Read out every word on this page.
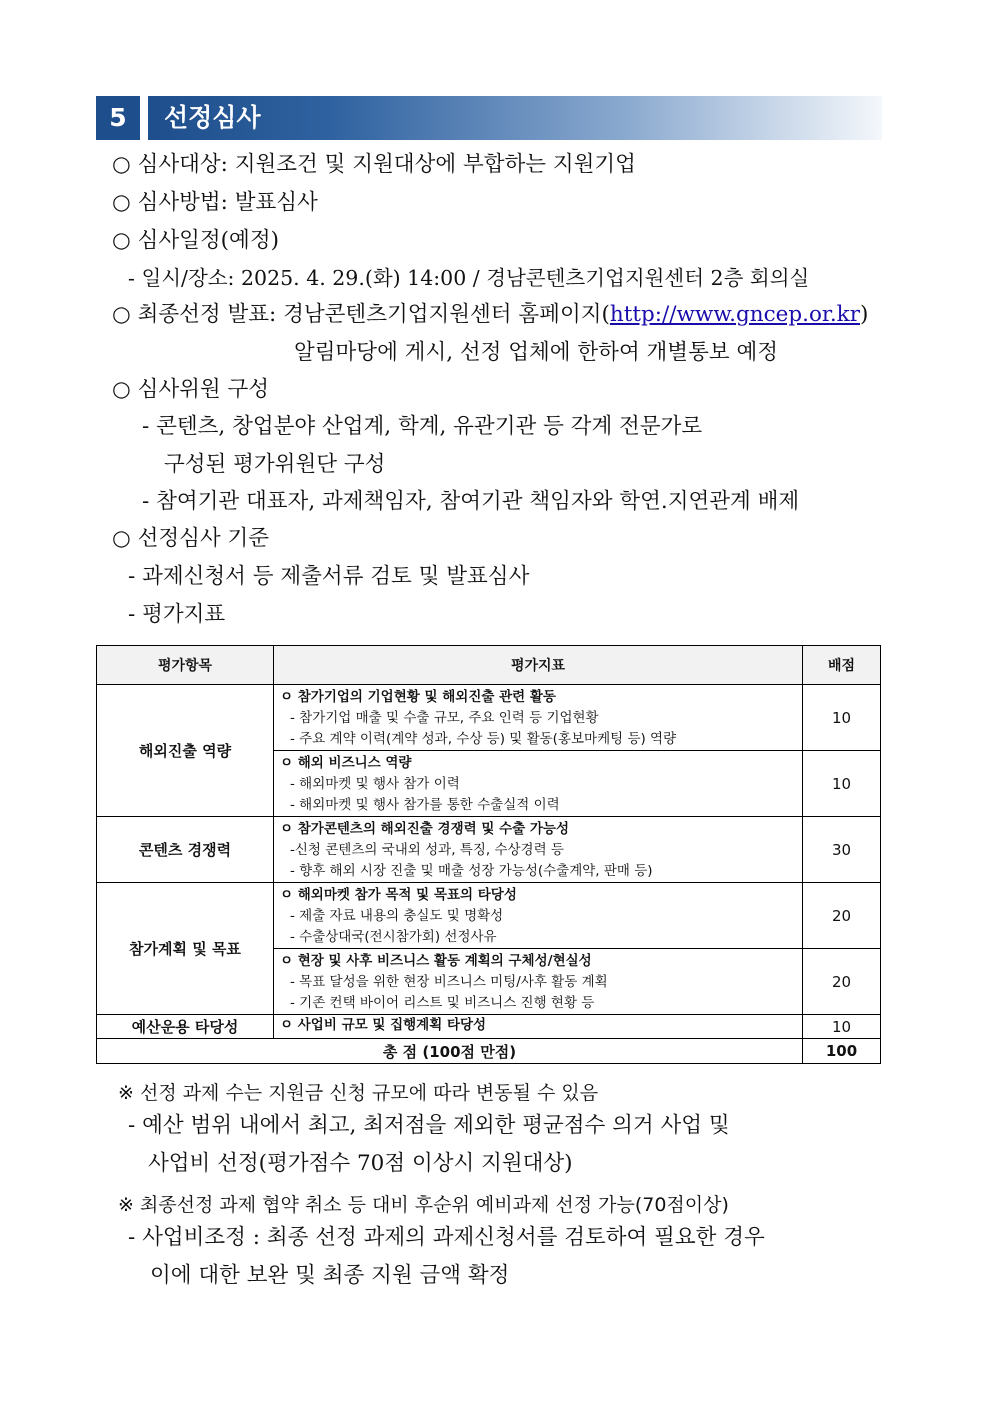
5	선정심사
○ 심사대상: 지원조건 및 지원대상에 부합하는 지원기업
○ 심사방법: 발표심사
○ 심사일정(예정)
- 일시/장소: 2025. 4. 29.(화) 14:00 / 경남콘텐츠기업지원센터 2층 회의실
○ 최종선정 발표: 경남콘텐츠기업지원센터 홈페이지(http://www.gncep.or.kr)
알림마당에 게시, 선정 업체에 한하여 개별통보 예정
○ 심사위원 구성
- 콘텐츠, 창업분야 산업계, 학계, 유관기관 등 각계 전문가로
구성된 평가위원단 구성
- 참여기관 대표자, 과제책임자, 참여기관 책임자와 학연.지연관계 배제
○ 선정심사 기준
- 과제신청서 등 제출서류 검토 및 발표심사
- 평가지표
평가항목	평가지표	배점
해외진출 역량	ㅇ 참가기업의 기업현황 및 해외진출 관련 활동
- 참가기업 매출 및 수출 규모, 주요 인력 등 기업현황
- 주요 계약 이력(계약 성과, 수상 등) 및 활동(홍보마케팅 등) 역량	10

	ㅇ 해외 비즈니스 역량
- 해외마켓 및 행사 참가 이력
- 해외마켓 및 행사 참가를 통한 수출실적 이력	10
콘텐츠 경쟁력	ㅇ 참가콘텐츠의 해외진출 경쟁력 및 수출 가능성
-신청 콘텐츠의 국내외 성과, 특징, 수상경력 등
- 향후 해외 시장 진출 및 매출 성장 가능성(수출계약, 판매 등)	30
참가계획 및 목표	ㅇ 해외마켓 참가 목적 및 목표의 타당성
- 제출 자료 내용의 충실도 및 명확성
- 수출상대국(전시참가회) 선정사유	20

	ㅇ 현장 및 사후 비즈니스 활동 계획의 구체성/현실성
- 목표 달성을 위한 현장 비즈니스 미팅/사후 활동 계획
- 기존 컨택 바이어 리스트 및 비즈니스 진행 현황 등	20
예산운용 타당성	ㅇ 사업비 규모 및 집행계획 타당성	10
총 점 (100점 만점)		100
※ 선정 과제 수는 지원금 신청 규모에 따라 변동될 수 있음
- 예산 범위 내에서 최고, 최저점을 제외한 평균점수 의거 사업 및
사업비 선정(평가점수 70점 이상시 지원대상)
※ 최종선정 과제 협약 취소 등 대비 후순위 예비과제 선정 가능(70점이상)
- 사업비조정 : 최종 선정 과제의 과제신청서를 검토하여 필요한 경우
이에 대한 보완 및 최종 지원 금액 확정
